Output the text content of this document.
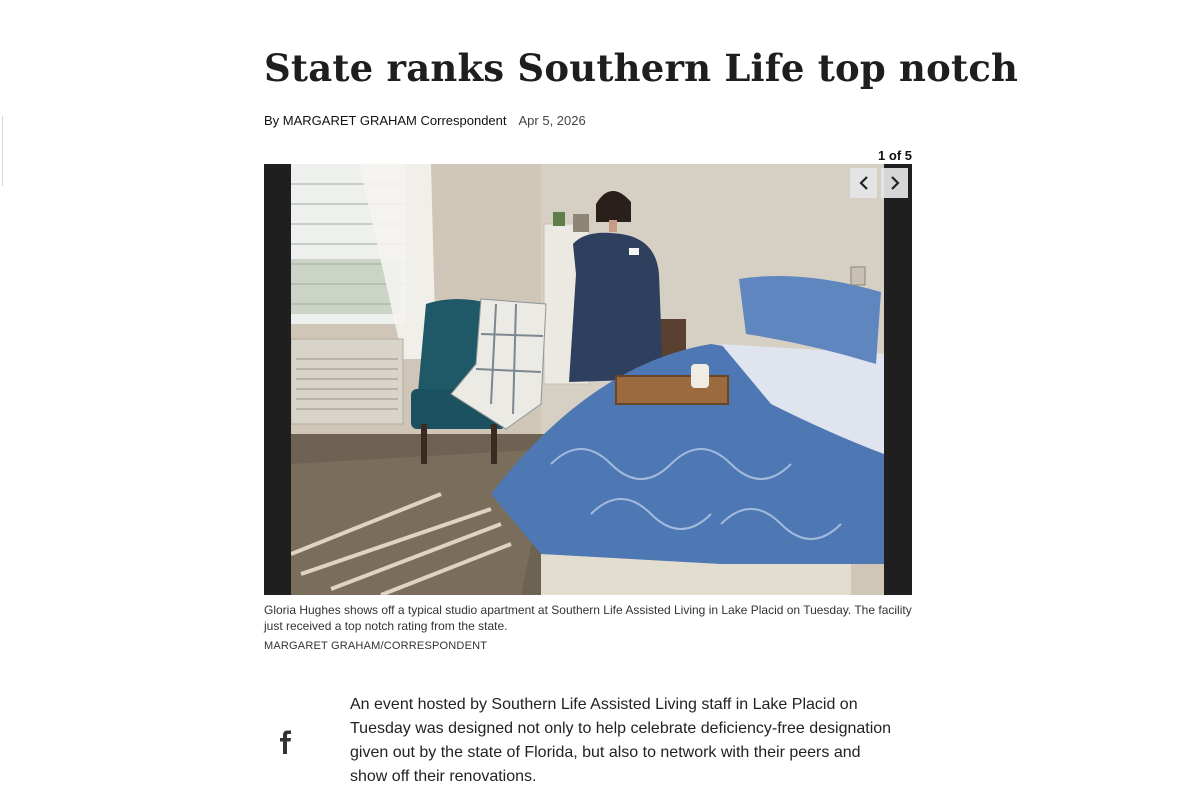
State ranks Southern Life top notch
By MARGARET GRAHAM Correspondent Apr 5, 2026
1 of 5
Gloria Hughes shows off a typical studio apartment at Southern Life Assisted Living in Lake Placid on Tuesday. The facility just received a top notch rating from the state.
MARGARET GRAHAM/CORRESPONDENT

An event hosted by Southern Life Assisted Living staff in Lake Placid on Tuesday was designed not only to help celebrate deficiency-free designation given out by the state of Florida, but also to network with their peers and show off their renovations.
